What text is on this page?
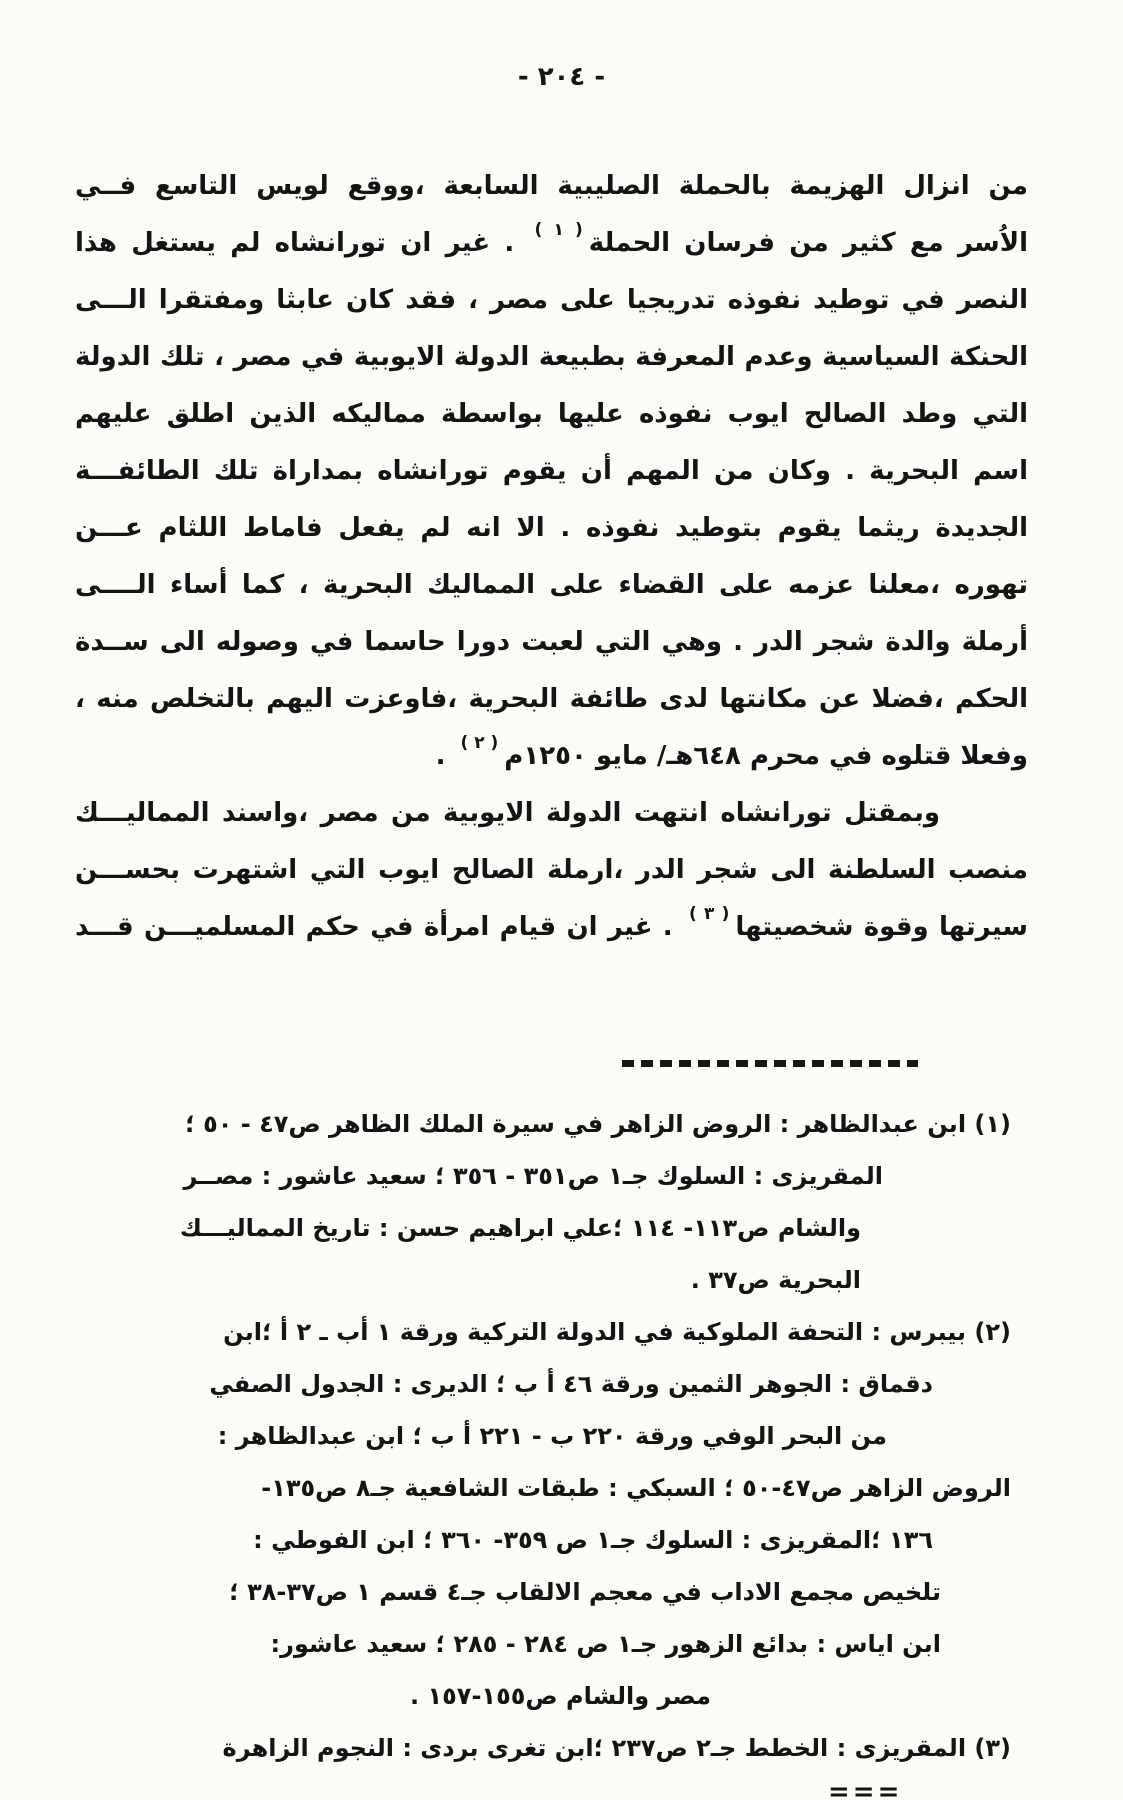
- ٢٠٤ -
من انزال الهزيمة بالحملة الصليبية السابعة ،ووقع لويس التاسع فــي
الاُسر مع كثير من فرسان الحملة$^{( ١ )}$ . غير ان تورانشاه لم يستغل هذا
النصر في توطيد نفوذه تدريجيا على مصر ، فقد كان عابثا ومفتقرا الـــى
الحنكة السياسية وعدم المعرفة بطبيعة الدولة الايوبية في مصر ، تلك الدولة
التي وطد الصالح ايوب نفوذه عليها بواسطة مماليكه الذين اطلق عليهم
اسم البحرية . وكان من المهم أن يقوم تورانشاه بمداراة تلك الطائفـــة
الجديدة ريثما يقوم بتوطيد نفوذه . الا انه لم يفعل فاماط اللثام عـــن
تهوره ،معلنا عزمه على القضاء على المماليك البحرية ، كما أساء الــــى
أرملة والدة شجر الدر . وهي التي لعبت دورا حاسما في وصوله الى ســدة
الحكم ،فضلا عن مكانتها لدى طائفة البحرية ،فاوعزت اليهم بالتخلص منه ،
وفعلا قتلوه في محرم ٦٤٨هـ/ مايو ١٢٥٠م$^{( ٢ )}$ .
وبمقتل تورانشاه انتهت الدولة الايوبية من مصر ،واسند المماليـــك
منصب السلطنة الى شجر الدر ،ارملة الصالح ايوب التي اشتهرت بحســـن
سيرتها وقوة شخصيتها$^{( ٣ )}$ . غير ان قيام امرأة في حكم المسلميـــن قـــد
(١) ابن عبدالظاهر : الروض الزاهر في سيرة الملك الظاهر ص٤٧ - ٥٠ ؛
المقريزى : السلوك جـ١ ص٣٥١ - ٣٥٦ ؛ سعيد عاشور : مصــر
والشام ص١١٣- ١١٤ ؛علي ابراهيم حسن : تاريخ المماليـــك
البحرية ص٣٧ .
(٢) بيبرس : التحفة الملوكية في الدولة التركية ورقة ١ أب ـ ٢ أ ؛ابن
دقماق : الجوهر الثمين ورقة ٤٦ أ ب ؛ الديرى : الجدول الصفي
من البحر الوفي ورقة ٢٢٠ ب - ٢٢١ أ ب ؛ ابن عبدالظاهر :
الروض الزاهر ص٤٧-٥٠ ؛ السبكي : طبقات الشافعية جـ٨ ص١٣٥-
١٣٦ ؛المقريزى : السلوك جـ١ ص ٣٥٩- ٣٦٠ ؛ ابن الفوطي :
تلخيص مجمع الاداب في معجم الالقاب جـ٤ قسم ١ ص٣٧-٣٨ ؛
ابن اياس : بدائع الزهور جـ١ ص ٢٨٤ - ٢٨٥ ؛ سعيد عاشور:
مصر والشام ص١٥٥-١٥٧ .
(٣) المقريزى : الخطط جـ٢ ص٢٣٧ ؛ابن تغرى بردى : النجوم الزاهرة
===
